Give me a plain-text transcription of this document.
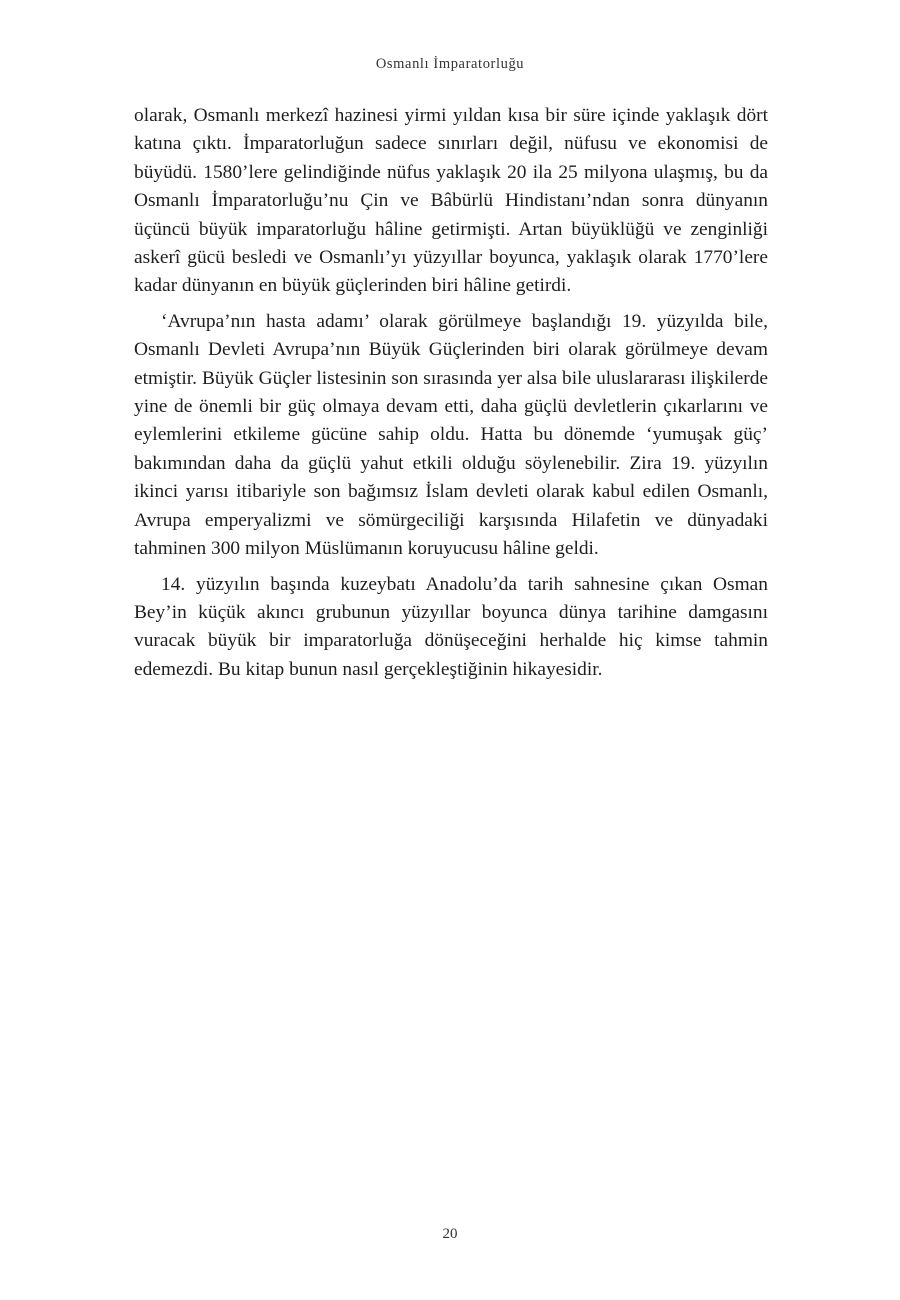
Osmanlı İmparatorluğu

olarak, Osmanlı merkezî hazinesi yirmi yıldan kısa bir süre içinde yaklaşık dört katına çıktı. İmparatorluğun sadece sınırları değil, nüfusu ve ekonomisi de büyüdü. 1580’lere gelindiğinde nüfus yaklaşık 20 ila 25 milyona ulaşmış, bu da Osmanlı İmparatorluğu’nu Çin ve Bâbürlü Hindistanı’ndan sonra dünyanın üçüncü büyük imparatorluğu hâline getirmişti. Artan büyüklüğü ve zenginliği askerî gücü besledi ve Osmanlı’yı yüzyıllar boyunca, yaklaşık olarak 1770’lere kadar dünyanın en büyük güçlerinden biri hâline getirdi.

‘Avrupa’nın hasta adamı’ olarak görülmeye başlandığı 19. yüzyılda bile, Osmanlı Devleti Avrupa’nın Büyük Güçlerinden biri olarak görülmeye devam etmiştir. Büyük Güçler listesinin son sırasında yer alsa bile uluslararası ilişkilerde yine de önemli bir güç olmaya devam etti, daha güçlü devletlerin çıkarlarını ve eylemlerini etkileme gücüne sahip oldu. Hatta bu dönemde ‘yumuşak güç’ bakımından daha da güçlü yahut etkili olduğu söylenebilir. Zira 19. yüzyılın ikinci yarısı itibariyle son bağımsız İslam devleti olarak kabul edilen Osmanlı, Avrupa emperyalizmi ve sömürgeciliği karşısında Hilafetin ve dünyadaki tahminen 300 milyon Müslümanın koruyucusu hâline geldi.

14. yüzyılın başında kuzeybatı Anadolu’da tarih sahnesine çıkan Osman Bey’in küçük akıncı grubunun yüzyıllar boyunca dünya tarihine damgasını vuracak büyük bir imparatorluğa dönüşeceğini herhalde hiç kimse tahmin edemezdi. Bu kitap bunun nasıl gerçekleştiğinin hikayesidir.

20
